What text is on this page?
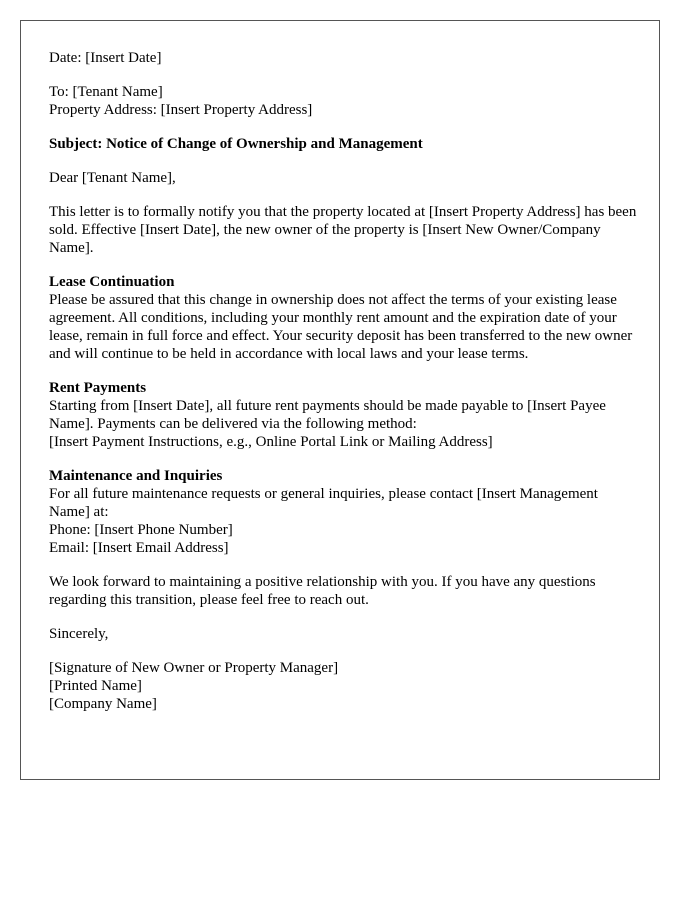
Date: [Insert Date]
To: [Tenant Name]
Property Address: [Insert Property Address]
Subject: Notice of Change of Ownership and Management
Dear [Tenant Name],

This letter is to formally notify you that the property located at [Insert Property Address] has been sold. Effective [Insert Date], the new owner of the property is [Insert New Owner/Company Name].

Lease Continuation

Please be assured that this change in ownership does not affect the terms of your existing lease agreement. All conditions, including your monthly rent amount and the expiration date of your lease, remain in full force and effect. Your security deposit has been transferred to the new owner and will continue to be held in accordance with local laws and your lease terms.

Rent Payments

Starting from [Insert Date], all future rent payments should be made payable to [Insert Payee Name]. Payments can be delivered via the following method:

[Insert Payment Instructions, e.g., Online Portal Link or Mailing Address]
Maintenance and Inquiries

For all future maintenance requests or general inquiries, please contact [Insert Management Name] at:

Phone: [Insert Phone Number]
Email: [Insert Email Address]

We look forward to maintaining a positive relationship with you. If you have any questions regarding this transition, please feel free to reach out.

Sincerely,
[Signature of New Owner or Property Manager]
[Printed Name]
[Company Name]
